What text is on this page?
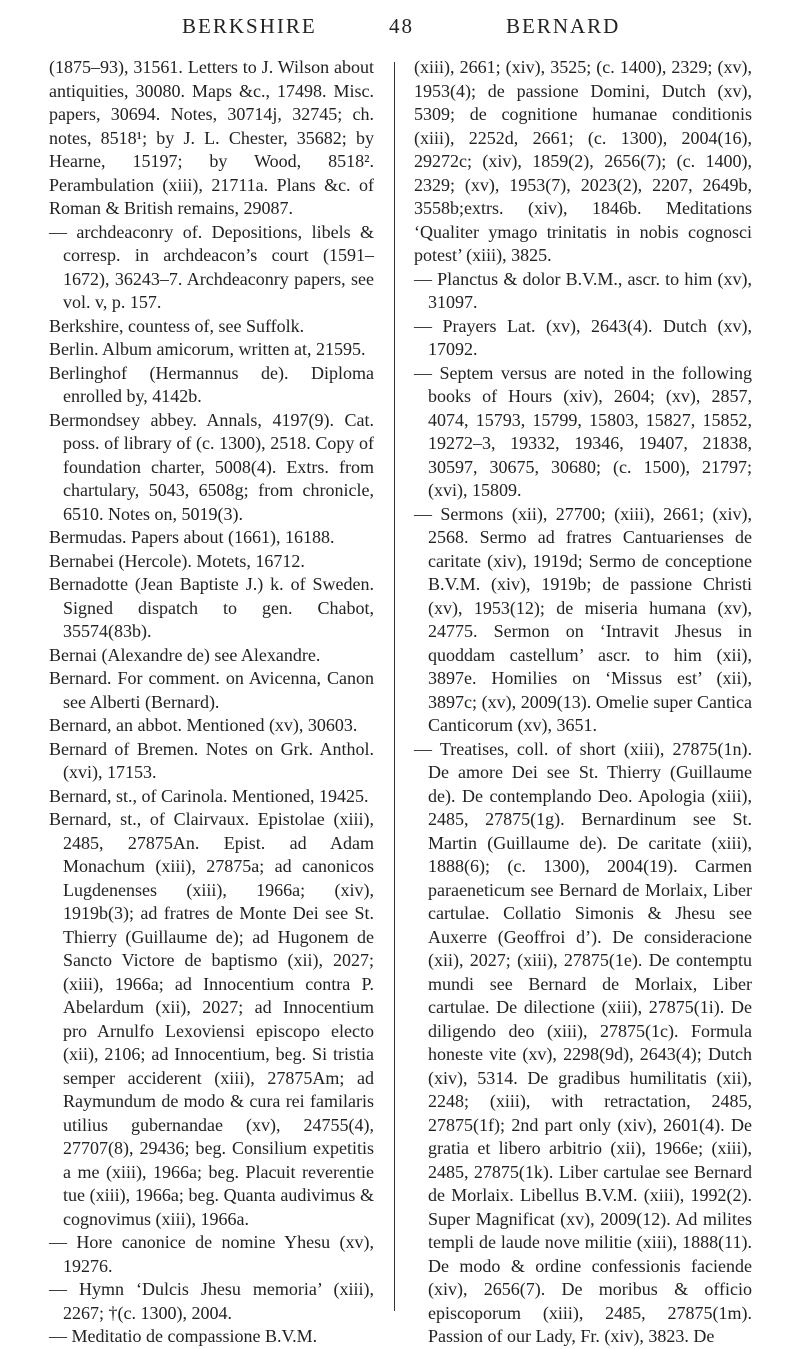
BERKSHIRE	48	BERNARD

(1875–93), 31561. Letters to J. Wilson about antiquities, 30080. Maps &c., 17498. Misc. papers, 30694. Notes, 30714j, 32745; ch. notes, 8518¹; by J. L. Chester, 35682; by Hearne, 15197; by Wood, 8518². Perambulation (xiii), 21711a. Plans &c. of Roman & British remains, 29087.

— archdeaconry of. Depositions, libels & corresp. in archdeacon’s court (1591–1672), 36243–7. Archdeaconry papers, see vol. v, p. 157.

Berkshire, countess of, see Suffolk.

Berlin. Album amicorum, written at, 21595.

Berlinghof (Hermannus de). Diploma enrolled by, 4142b.

Bermondsey abbey. Annals, 4197(9). Cat. poss. of library of (c. 1300), 2518. Copy of foundation charter, 5008(4). Extrs. from chartulary, 5043, 6508g; from chronicle, 6510. Notes on, 5019(3).

Bermudas. Papers about (1661), 16188.

Bernabei (Hercole). Motets, 16712.

Bernadotte (Jean Baptiste J.) k. of Sweden. Signed dispatch to gen. Chabot, 35574(83b).

Bernai (Alexandre de) see Alexandre.

Bernard. For comment. on Avicenna, Canon see Alberti (Bernard).

Bernard, an abbot. Mentioned (xv), 30603.

Bernard of Bremen. Notes on Grk. Anthol. (xvi), 17153.

Bernard, st., of Carinola. Mentioned, 19425.

Bernard, st., of Clairvaux. Epistolae (xiii), 2485, 27875An. Epist. ad Adam Monachum (xiii), 27875a; ad canonicos Lugdenenses (xiii), 1966a; (xiv), 1919b(3); ad fratres de Monte Dei see St. Thierry (Guillaume de); ad Hugonem de Sancto Victore de baptismo (xii), 2027; (xiii), 1966a; ad Innocentium contra P. Abelardum (xii), 2027; ad Innocentium pro Arnulfo Lexoviensi episcopo electo (xii), 2106; ad Innocentium, beg. Si tristia semper acciderent (xiii), 27875Am; ad Raymundum de modo & cura rei familaris utilius gubernandae (xv), 24755(4), 27707(8), 29436; beg. Consilium expetitis a me (xiii), 1966a; beg. Placuit reverentie tue (xiii), 1966a; beg. Quanta audivimus & cognovimus (xiii), 1966a.

— Hore canonice de nomine Yhesu (xv), 19276.

— Hymn ‘Dulcis Jhesu memoria’ (xiii), 2267; †(c. 1300), 2004.

— Meditatio de compassione B.V.M.

(xiii), 2661; (xiv), 3525; (c. 1400), 2329; (xv), 1953(4); de passione Domini, Dutch (xv), 5309; de cognitione humanae conditionis (xiii), 2252d, 2661; (c. 1300), 2004(16), 29272c; (xiv), 1859(2), 2656(7); (c. 1400), 2329; (xv), 1953(7), 2023(2), 2207, 2649b, 3558b;extrs. (xiv), 1846b. Meditations ‘Qualiter ymago trinitatis in nobis cognosci potest’ (xiii), 3825.

— Planctus & dolor B.V.M., ascr. to him (xv), 31097.

— Prayers Lat. (xv), 2643(4). Dutch (xv), 17092.

— Septem versus are noted in the following books of Hours (xiv), 2604; (xv), 2857, 4074, 15793, 15799, 15803, 15827, 15852, 19272–3, 19332, 19346, 19407, 21838, 30597, 30675, 30680; (c. 1500), 21797; (xvi), 15809.

— Sermons (xii), 27700; (xiii), 2661; (xiv), 2568. Sermo ad fratres Cantuarienses de caritate (xiv), 1919d; Sermo de conceptione B.V.M. (xiv), 1919b; de passione Christi (xv), 1953(12); de miseria humana (xv), 24775. Sermon on ‘Intravit Jhesus in quoddam castellum’ ascr. to him (xii), 3897e. Homilies on ‘Missus est’ (xii), 3897c; (xv), 2009(13). Omelie super Cantica Canticorum (xv), 3651.

— Treatises, coll. of short (xiii), 27875(1n). De amore Dei see St. Thierry (Guillaume de). De contemplando Deo. Apologia (xiii), 2485, 27875(1g). Bernardinum see St. Martin (Guillaume de). De caritate (xiii), 1888(6); (c. 1300), 2004(19). Carmen paraeneticum see Bernard de Morlaix, Liber cartulae. Collatio Simonis & Jhesu see Auxerre (Geoffroi d’). De consideracione (xii), 2027; (xiii), 27875(1e). De contemptu mundi see Bernard de Morlaix, Liber cartulae. De dilectione (xiii), 27875(1i). De diligendo deo (xiii), 27875(1c). Formula honeste vite (xv), 2298(9d), 2643(4); Dutch (xiv), 5314. De gradibus humilitatis (xii), 2248; (xiii), with retractation, 2485, 27875(1f); 2nd part only (xiv), 2601(4). De gratia et libero arbitrio (xii), 1966e; (xiii), 2485, 27875(1k). Liber cartulae see Bernard de Morlaix. Libellus B.V.M. (xiii), 1992(2). Super Magnificat (xv), 2009(12). Ad milites templi de laude nove militie (xiii), 1888(11). De modo & ordine confessionis faciende (xiv), 2656(7). De moribus & officio episcoporum (xiii), 2485, 27875(1m). Passion of our Lady, Fr. (xiv), 3823. De
